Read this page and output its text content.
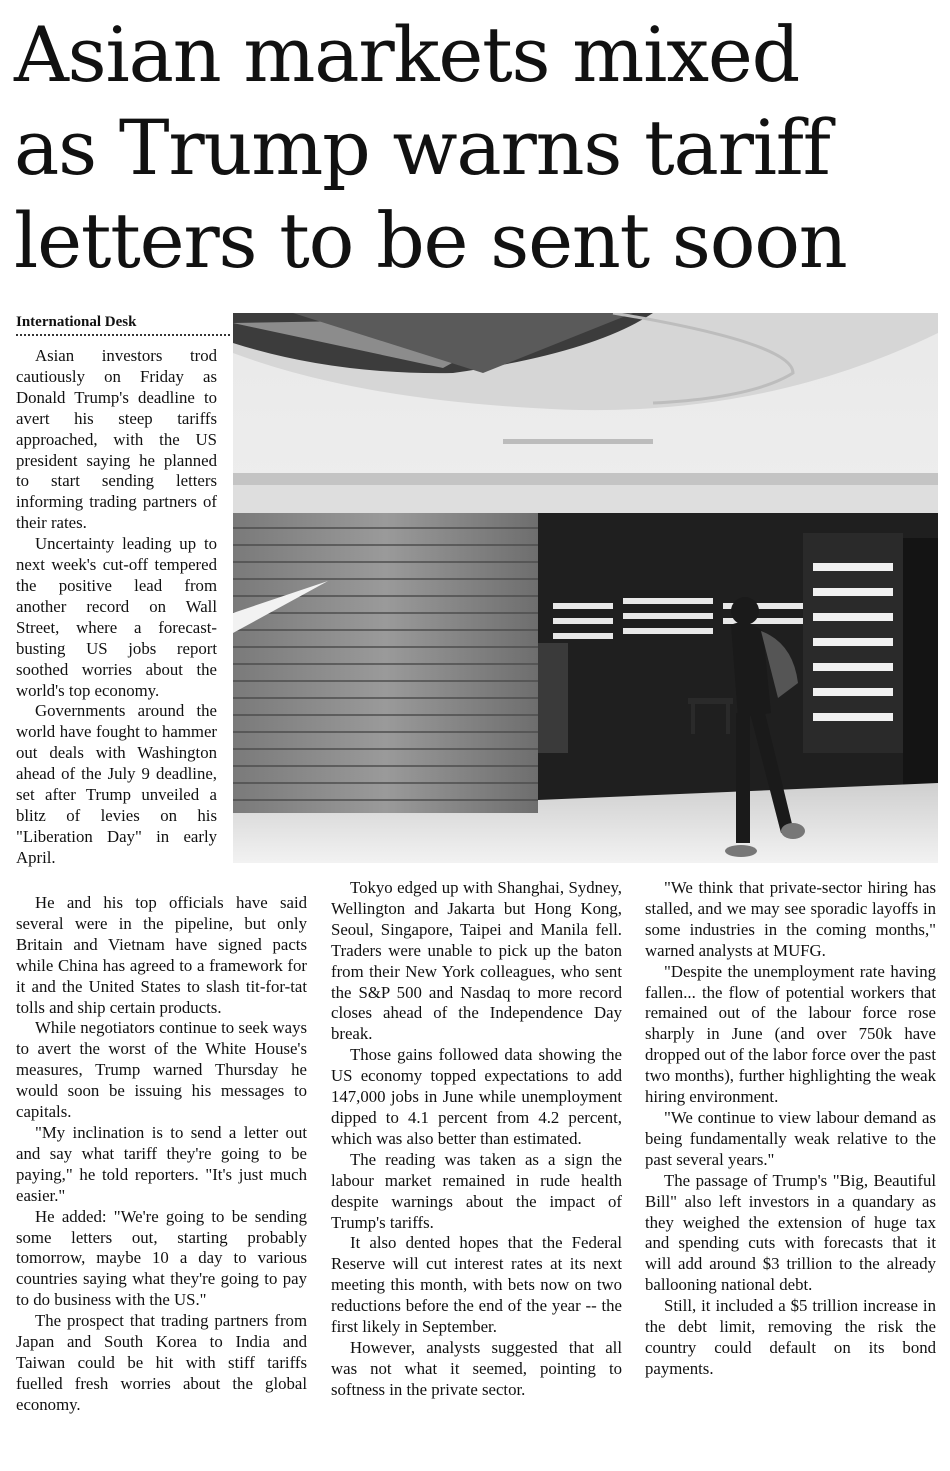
Asian markets mixed
as Trump warns tariff
letters to be sent soon
International Desk

Asian investors trod cautiously on Friday as Donald Trump's deadline to avert his steep tariffs approached, with the US president saying he planned to start sending letters informing trading partners of their rates.

Uncertainty leading up to next week's cut-off tempered the positive lead from another record on Wall Street, where a forecast-busting US jobs report soothed worries about the world's top economy.

Governments around the world have fought to hammer out deals with Washington ahead of the July 9 deadline, set after Trump unveiled a blitz of levies on his "Liberation Day" in early April.

He and his top officials have said several were in the pipeline, but only Britain and Vietnam have signed pacts while China has agreed to a framework for it and the United States to slash tit-for-tat tolls and ship certain products.

While negotiators continue to seek ways to avert the worst of the White House's measures, Trump warned Thursday he would soon be issuing his messages to capitals.

"My inclination is to send a letter out and say what tariff they're going to be paying," he told reporters. "It's just much easier."

He added: "We're going to be sending some letters out, starting probably tomorrow, maybe 10 a day to various countries saying what they're going to pay to do business with the US."

The prospect that trading partners from Japan and South Korea to India and Taiwan could be hit with stiff tariffs fuelled fresh worries about the global economy.

Tokyo edged up with Shanghai, Sydney, Wellington and Jakarta but Hong Kong, Seoul, Singapore, Taipei and Manila fell. Traders were unable to pick up the baton from their New York colleagues, who sent the S&P 500 and Nasdaq to more record closes ahead of the Independence Day break.

Those gains followed data showing the US economy topped expectations to add 147,000 jobs in June while unemployment dipped to 4.1 percent from 4.2 percent, which was also better than estimated.

The reading was taken as a sign the labour market remained in rude health despite warnings about the impact of Trump's tariffs.

It also dented hopes that the Federal Reserve will cut interest rates at its next meeting this month, with bets now on two reductions before the end of the year -- the first likely in September.

However, analysts suggested that all was not what it seemed, pointing to softness in the private sector.

"We think that private-sector hiring has stalled, and we may see sporadic layoffs in some industries in the coming months," warned analysts at MUFG.

"Despite the unemployment rate having fallen... the flow of potential workers that remained out of the labour force rose sharply in June (and over 750k have dropped out of the labor force over the past two months), further highlighting the weak hiring environment.

"We continue to view labour demand as being fundamentally weak relative to the past several years."

The passage of Trump's "Big, Beautiful Bill" also left investors in a quandary as they weighed the extension of huge tax and spending cuts with forecasts that it will add around $3 trillion to the already ballooning national debt.

Still, it included a $5 trillion increase in the debt limit, removing the risk the country could default on its bond payments.
